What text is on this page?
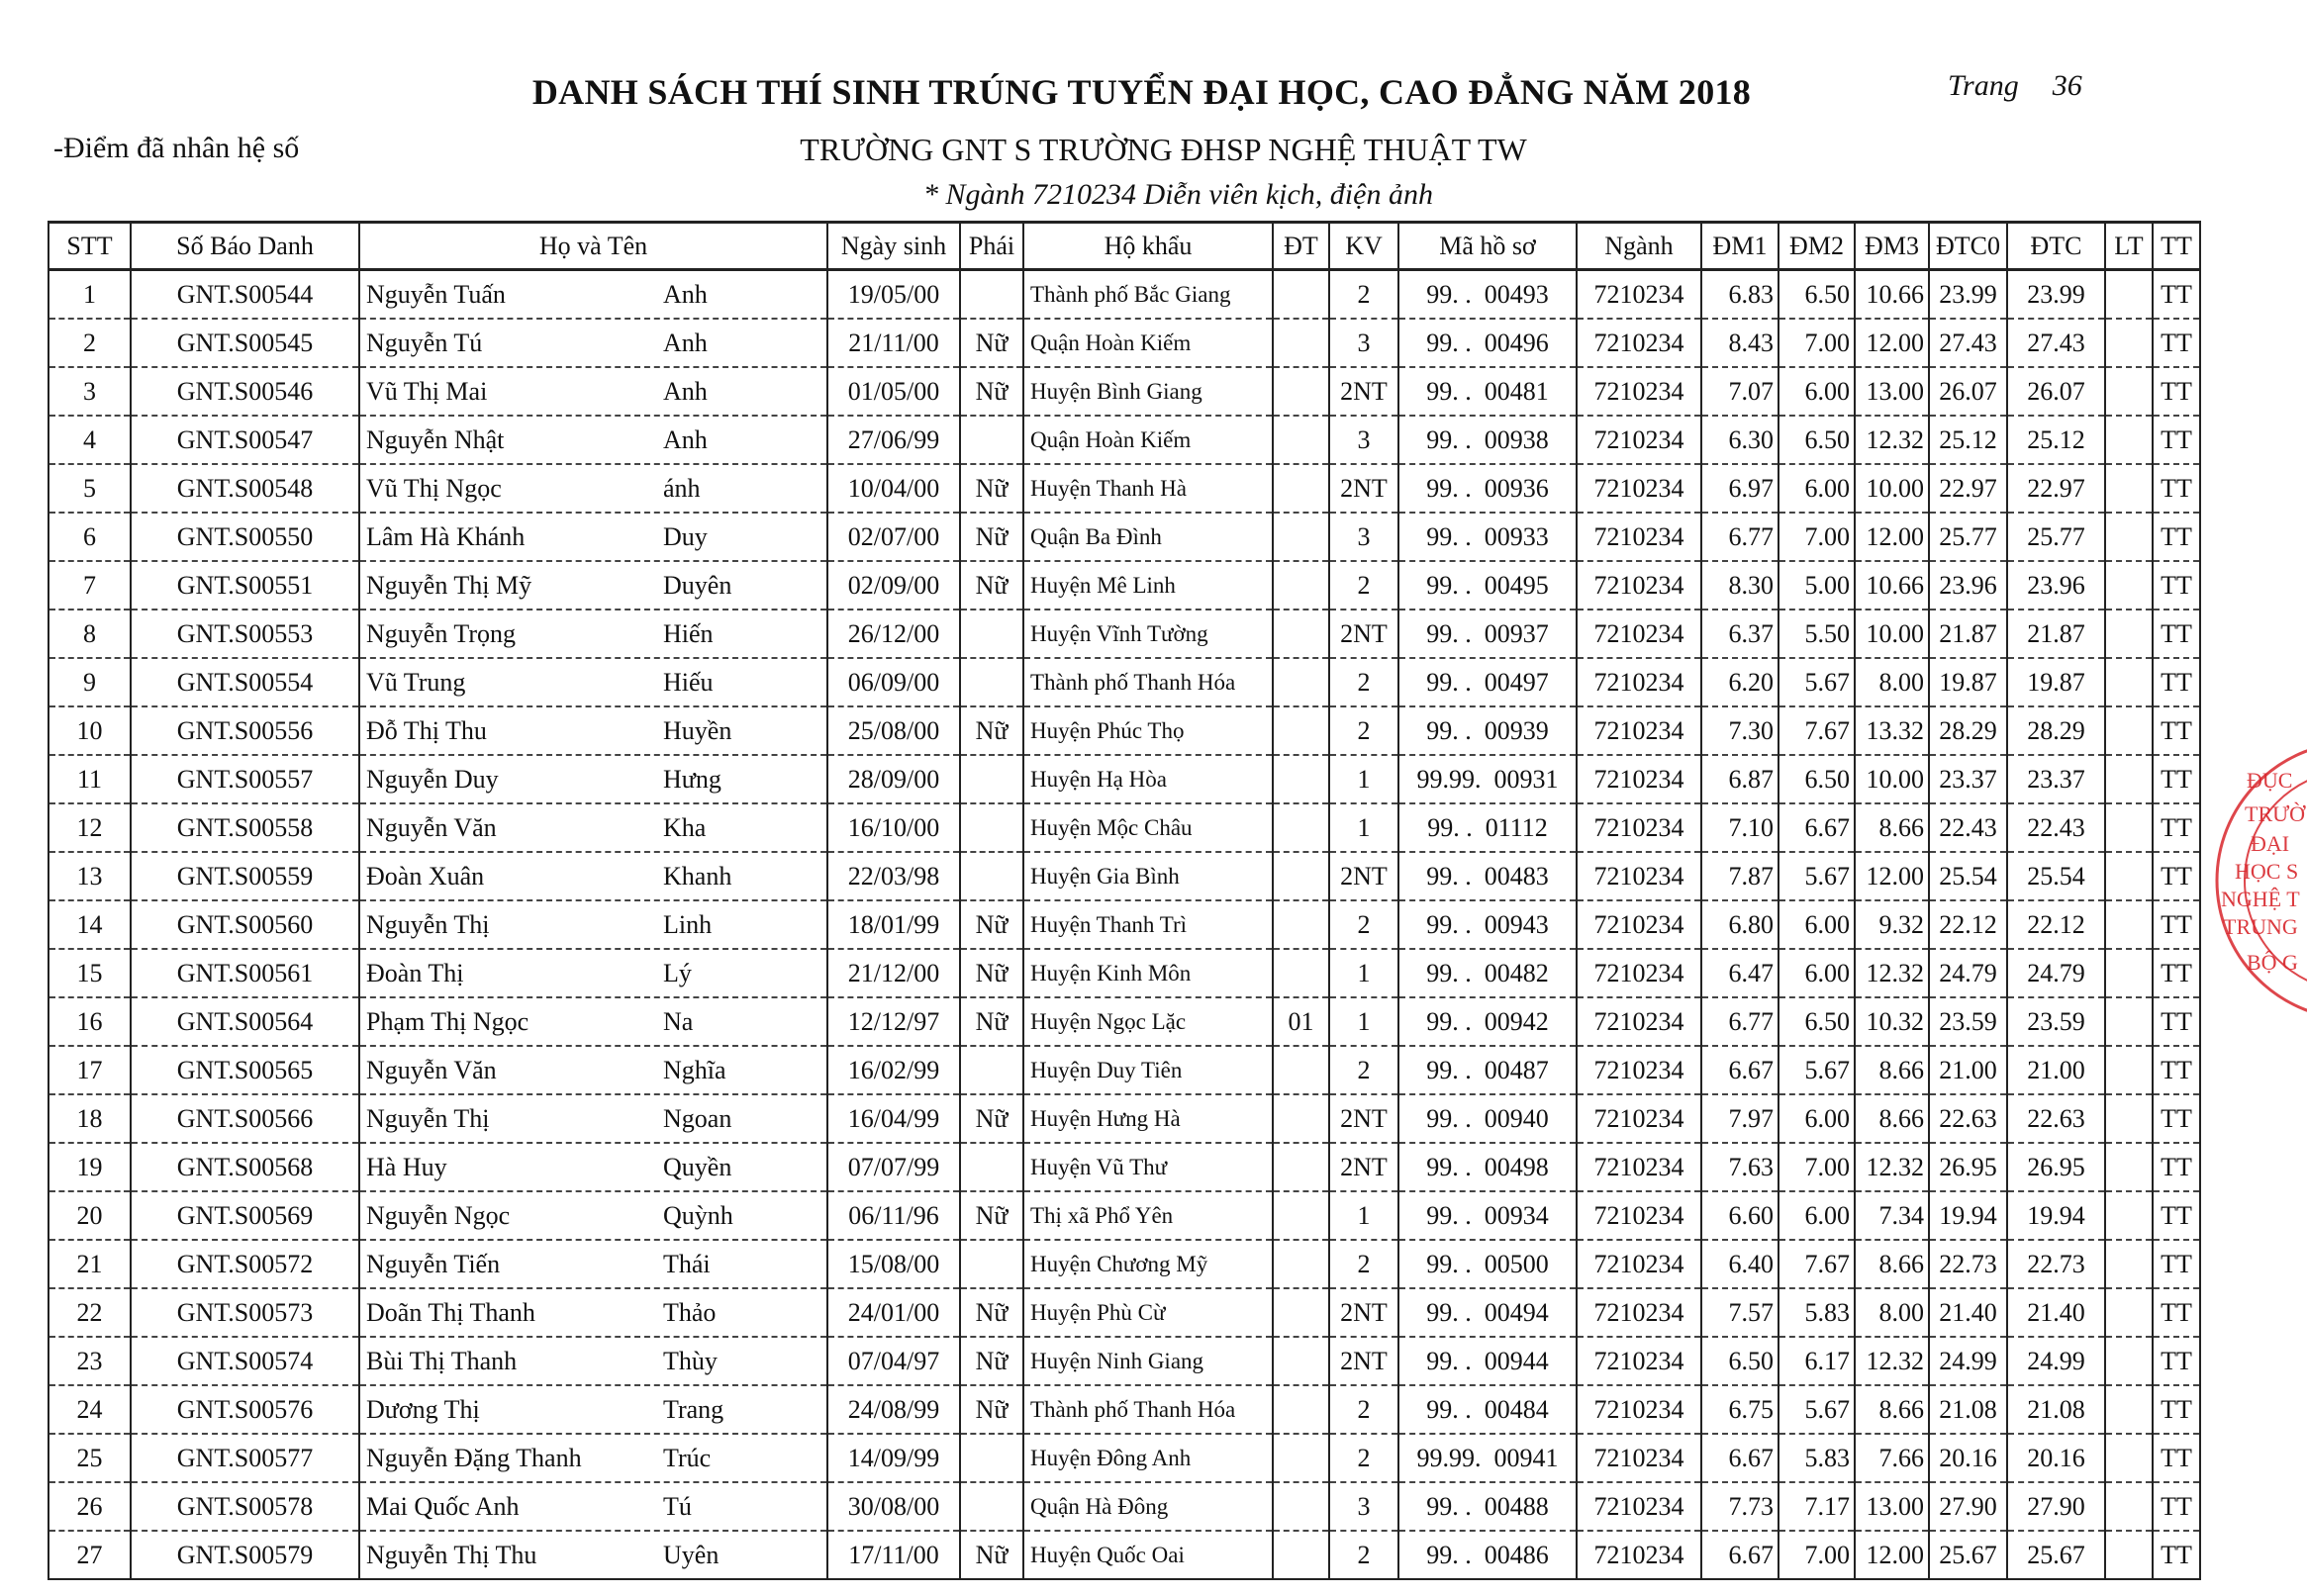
DANH SÁCH THÍ SINH TRÚNG TUYỂN ĐẠI HỌC, CAO ĐẲNG NĂM 2018	Trang 36
-Điểm đã nhân hệ số	TRƯỜNG GNT S TRƯỜNG ĐHSP NGHỆ THUẬT TW
* Ngành 7210234 Diễn viên kịch, điện ảnh
STT	Số Báo Danh	Họ và Tên	Ngày sinh	Phái	Hộ khẩu	ĐT	KV	Mã hồ sơ	Ngành	ĐM1	ĐM2	ĐM3	ĐTC0	ĐTC	LT	TT
1	GNT.S00544	Nguyễn Tuấn Anh	19/05/00		Thành phố Bắc Giang		2	99. .  00493	7210234	6.83	6.50	10.66	23.99	23.99		TT
2	GNT.S00545	Nguyễn Tú Anh	21/11/00	Nữ	Quận Hoàn Kiếm		3	99. .  00496	7210234	8.43	7.00	12.00	27.43	27.43		TT
3	GNT.S00546	Vũ Thị Mai Anh	01/05/00	Nữ	Huyện Bình Giang		2NT	99. .  00481	7210234	7.07	6.00	13.00	26.07	26.07		TT
4	GNT.S00547	Nguyễn Nhật Anh	27/06/99		Quận Hoàn Kiếm		3	99. .  00938	7210234	6.30	6.50	12.32	25.12	25.12		TT
5	GNT.S00548	Vũ Thị Ngọc ánh	10/04/00	Nữ	Huyện Thanh Hà		2NT	99. .  00936	7210234	6.97	6.00	10.00	22.97	22.97		TT
6	GNT.S00550	Lâm Hà Khánh Duy	02/07/00	Nữ	Quận Ba Đình		3	99. .  00933	7210234	6.77	7.00	12.00	25.77	25.77		TT
7	GNT.S00551	Nguyễn Thị Mỹ Duyên	02/09/00	Nữ	Huyện Mê Linh		2	99. .  00495	7210234	8.30	5.00	10.66	23.96	23.96		TT
8	GNT.S00553	Nguyễn Trọng Hiến	26/12/00		Huyện Vĩnh Tường		2NT	99. .  00937	7210234	6.37	5.50	10.00	21.87	21.87		TT
9	GNT.S00554	Vũ Trung Hiếu	06/09/00		Thành phố Thanh Hóa		2	99. .  00497	7210234	6.20	5.67	8.00	19.87	19.87		TT
10	GNT.S00556	Đỗ Thị Thu Huyền	25/08/00	Nữ	Huyện Phúc Thọ		2	99. .  00939	7210234	7.30	7.67	13.32	28.29	28.29		TT
11	GNT.S00557	Nguyễn Duy Hưng	28/09/00		Huyện Hạ Hòa		1	99.99.  00931	7210234	6.87	6.50	10.00	23.37	23.37		TT
12	GNT.S00558	Nguyễn Văn Kha	16/10/00		Huyện Mộc Châu		1	99. .  01112	7210234	7.10	6.67	8.66	22.43	22.43		TT
13	GNT.S00559	Đoàn Xuân Khanh	22/03/98		Huyện Gia Bình		2NT	99. .  00483	7210234	7.87	5.67	12.00	25.54	25.54		TT
14	GNT.S00560	Nguyễn Thị Linh	18/01/99	Nữ	Huyện Thanh Trì		2	99. .  00943	7210234	6.80	6.00	9.32	22.12	22.12		TT
15	GNT.S00561	Đoàn Thị Lý	21/12/00	Nữ	Huyện Kinh Môn		1	99. .  00482	7210234	6.47	6.00	12.32	24.79	24.79		TT
16	GNT.S00564	Phạm Thị Ngọc Na	12/12/97	Nữ	Huyện Ngọc Lặc	01	1	99. .  00942	7210234	6.77	6.50	10.32	23.59	23.59		TT
17	GNT.S00565	Nguyễn Văn Nghĩa	16/02/99		Huyện Duy Tiên		2	99. .  00487	7210234	6.67	5.67	8.66	21.00	21.00		TT
18	GNT.S00566	Nguyễn Thị Ngoan	16/04/99	Nữ	Huyện Hưng Hà		2NT	99. .  00940	7210234	7.97	6.00	8.66	22.63	22.63		TT
19	GNT.S00568	Hà Huy Quyền	07/07/99		Huyện Vũ Thư		2NT	99. .  00498	7210234	7.63	7.00	12.32	26.95	26.95		TT
20	GNT.S00569	Nguyễn Ngọc Quỳnh	06/11/96	Nữ	Thị xã Phổ Yên		1	99. .  00934	7210234	6.60	6.00	7.34	19.94	19.94		TT
21	GNT.S00572	Nguyễn Tiến Thái	15/08/00		Huyện Chương Mỹ		2	99. .  00500	7210234	6.40	7.67	8.66	22.73	22.73		TT
22	GNT.S00573	Doãn Thị Thanh Thảo	24/01/00	Nữ	Huyện Phù Cừ		2NT	99. .  00494	7210234	7.57	5.83	8.00	21.40	21.40		TT
23	GNT.S00574	Bùi Thị Thanh Thùy	07/04/97	Nữ	Huyện Ninh Giang		2NT	99. .  00944	7210234	6.50	6.17	12.32	24.99	24.99		TT
24	GNT.S00576	Dương Thị Trang	24/08/99	Nữ	Thành phố Thanh Hóa		2	99. .  00484	7210234	6.75	5.67	8.66	21.08	21.08		TT
25	GNT.S00577	Nguyễn Đặng Thanh Trúc	14/09/99		Huyện Đông Anh		2	99.99.  00941	7210234	6.67	5.83	7.66	20.16	20.16		TT
26	GNT.S00578	Mai Quốc Anh Tú	30/08/00		Quận Hà Đông		3	99. .  00488	7210234	7.73	7.17	13.00	27.90	27.90		TT
27	GNT.S00579	Nguyễn Thị Thu Uyên	17/11/00	Nữ	Huyện Quốc Oai		2	99. .  00486	7210234	6.67	7.00	12.00	25.67	25.67		TT
ĐỤC
TRƯỜ
ĐẠI
HỌC S
NGHỆ T
TRUNG
BỘ G
